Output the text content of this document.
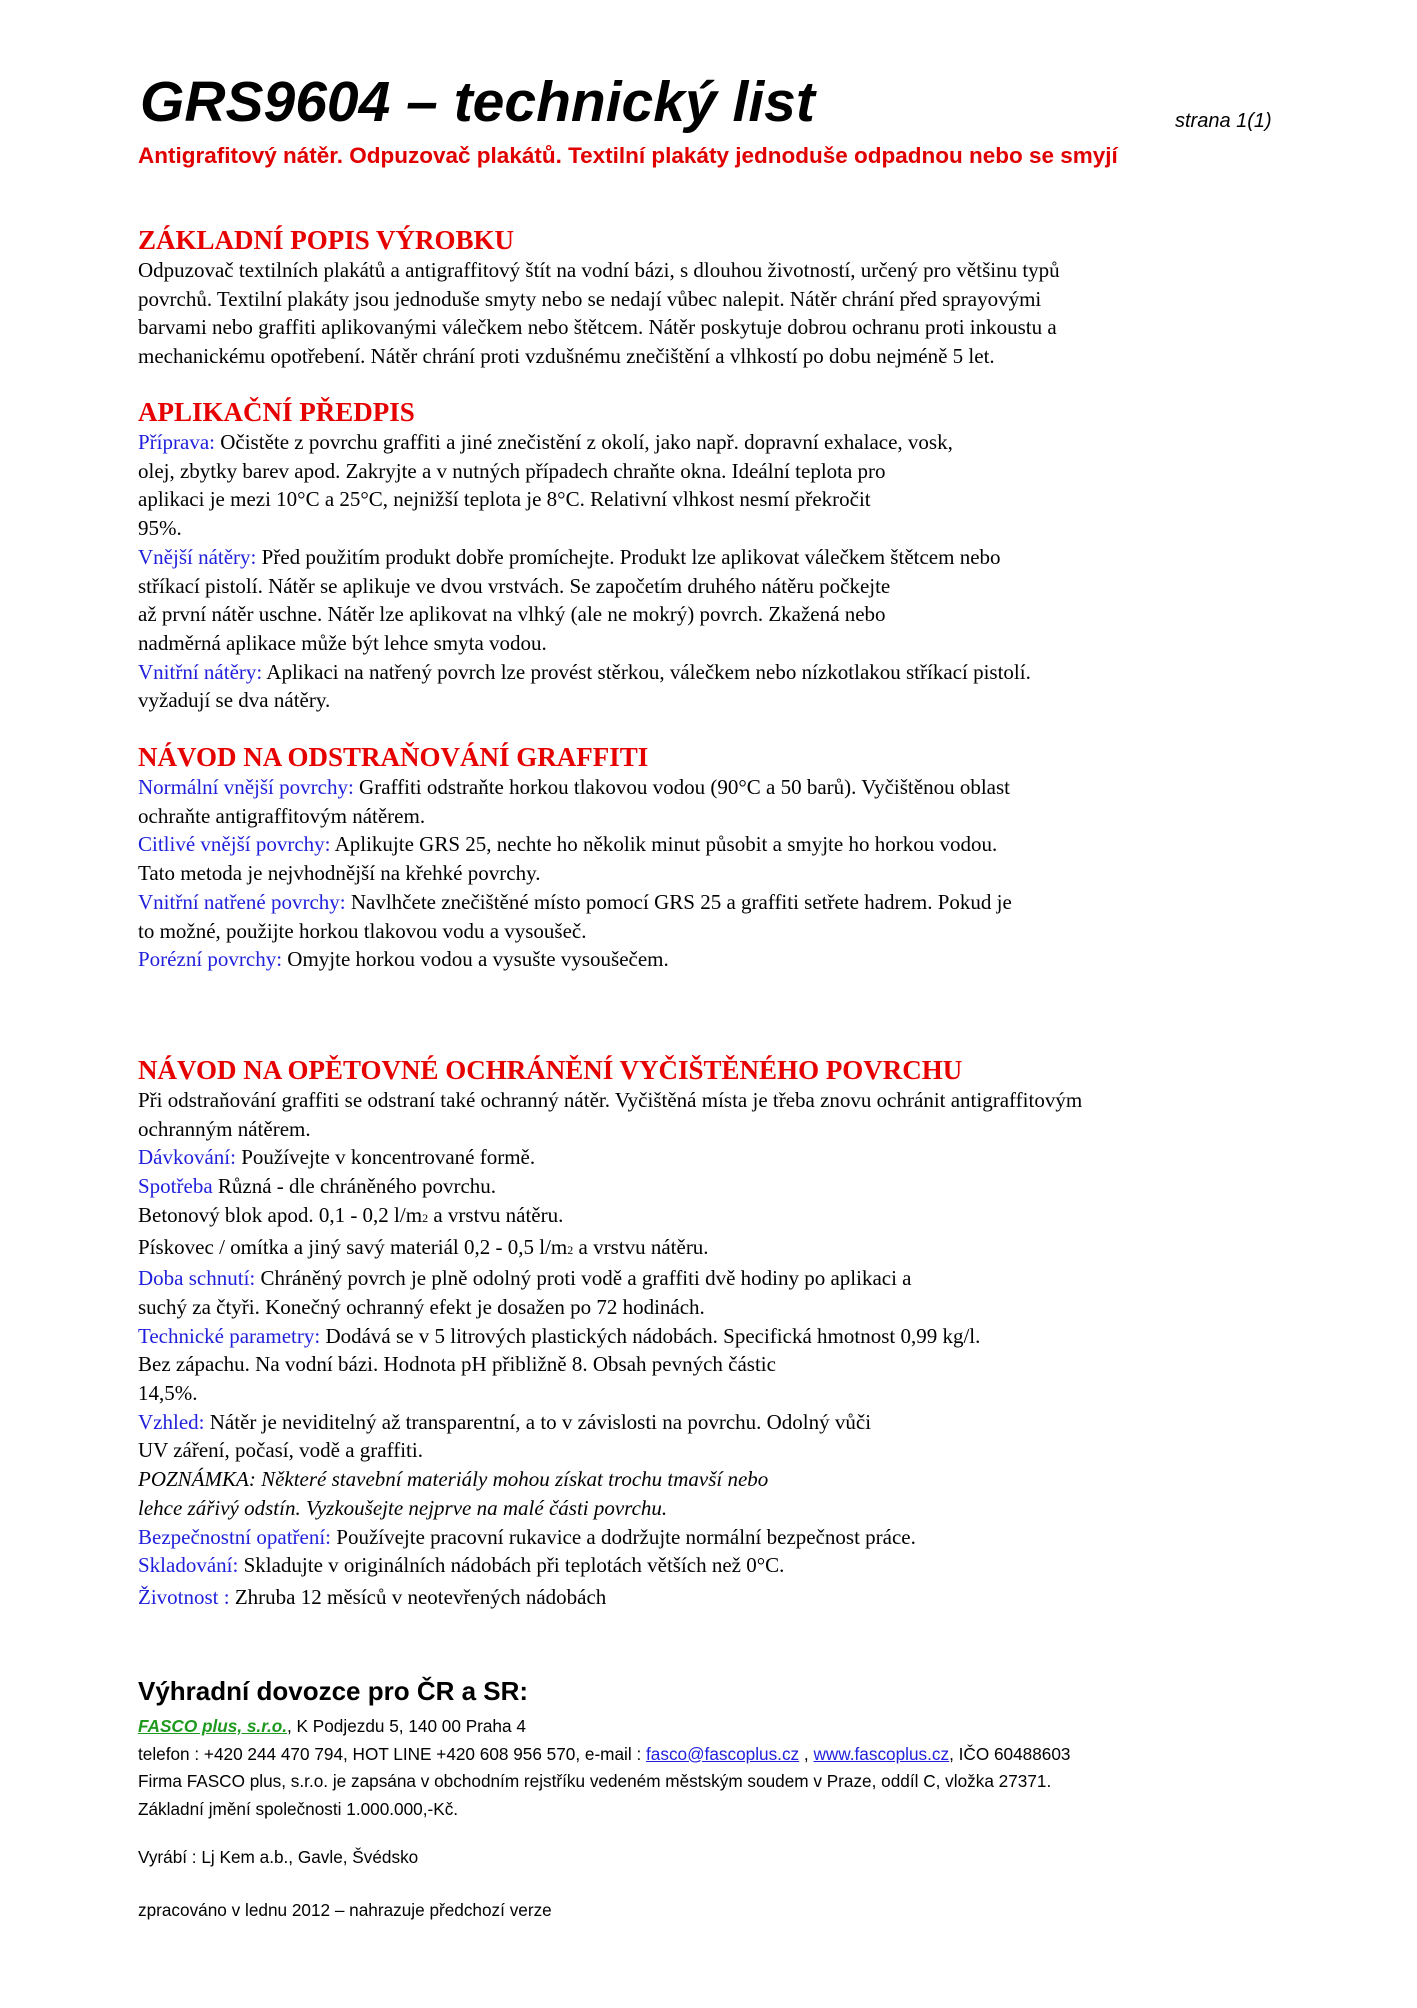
GRS9604 – technický list	strana 1(1)
Antigrafitový nátěr. Odpuzovač plakátů. Textilní plakáty jednoduše odpadnou nebo se smyjí
ZÁKLADNÍ POPIS VÝROBKU
Odpuzovač textilních plakátů a antigraffitový štít na vodní bázi, s dlouhou životností, určený pro většinu typů
povrchů. Textilní plakáty jsou jednoduše smyty nebo se nedají vůbec nalepit. Nátěr chrání před sprayovými
barvami nebo graffiti aplikovanými válečkem nebo štětcem. Nátěr poskytuje dobrou ochranu proti inkoustu a
mechanickému opotřebení. Nátěr chrání proti vzdušnému znečištění a vlhkostí po dobu nejméně 5 let.
APLIKAČNÍ PŘEDPIS
Příprava: Očistěte z povrchu graffiti a jiné znečistění z okolí, jako např. dopravní exhalace, vosk,
olej, zbytky barev apod. Zakryjte a v nutných případech chraňte okna. Ideální teplota pro
aplikaci je mezi 10°C a 25°C, nejnižší teplota je 8°C. Relativní vlhkost nesmí překročit
95%.
Vnější nátěry: Před použitím produkt dobře promíchejte. Produkt lze aplikovat válečkem štětcem nebo
stříkací pistolí. Nátěr se aplikuje ve dvou vrstvách. Se započetím druhého nátěru počkejte
až první nátěr uschne. Nátěr lze aplikovat na vlhký (ale ne mokrý) povrch. Zkažená nebo
nadměrná aplikace může být lehce smyta vodou.
Vnitřní nátěry: Aplikaci na natřený povrch lze provést stěrkou, válečkem nebo nízkotlakou stříkací pistolí.
vyžadují se dva nátěry.
NÁVOD NA ODSTRAŇOVÁNÍ GRAFFITI
Normální vnější povrchy: Graffiti odstraňte horkou tlakovou vodou (90°C a 50 barů). Vyčištěnou oblast
ochraňte antigraffitovým nátěrem.
Citlivé vnější povrchy: Aplikujte GRS 25, nechte ho několik minut působit a smyjte ho horkou vodou.
Tato metoda je nejvhodnější na křehké povrchy.
Vnitřní natřené povrchy: Navlhčete znečištěné místo pomocí GRS 25 a graffiti setřete hadrem. Pokud je
to možné, použijte horkou tlakovou vodu a vysoušeč.
Porézní povrchy: Omyjte horkou vodou a vysušte vysoušečem.
NÁVOD NA OPĚTOVNÉ OCHRÁNĚNÍ VYČIŠTĚNÉHO POVRCHU
Při odstraňování graffiti se odstraní také ochranný nátěr. Vyčištěná místa je třeba znovu ochránit antigraffitovým
ochranným nátěrem.
Dávkování: Používejte v koncentrované formě.
Spotřeba Různá - dle chráněného povrchu.
Betonový blok apod. 0,1 - 0,2 l/m2 a vrstvu nátěru.
Pískovec / omítka a jiný savý materiál 0,2 - 0,5 l/m2 a vrstvu nátěru.
Doba schnutí: Chráněný povrch je plně odolný proti vodě a graffiti dvě hodiny po aplikaci a
suchý za čtyři. Konečný ochranný efekt je dosažen po 72 hodinách.
Technické parametry: Dodává se v 5 litrových plastických nádobách. Specifická hmotnost 0,99 kg/l.
Bez zápachu. Na vodní bázi. Hodnota pH přibližně 8. Obsah pevných částic
14,5%.
Vzhled: Nátěr je neviditelný až transparentní, a to v závislosti na povrchu. Odolný vůči
UV záření, počasí, vodě a graffiti.
POZNÁMKA: Některé stavební materiály mohou získat trochu tmavší nebo
lehce zářivý odstín. Vyzkoušejte nejprve na malé části povrchu.
Bezpečnostní opatření: Používejte pracovní rukavice a dodržujte normální bezpečnost práce.
Skladování: Skladujte v originálních nádobách při teplotách větších než 0°C.
Životnost : Zhruba 12 měsíců v neotevřených nádobách
Výhradní dovozce pro ČR a SR:
FASCO plus, s.r.o., K Podjezdu 5, 140 00 Praha 4
telefon : +420 244 470 794, HOT LINE +420 608 956 570, e-mail : fasco@fascoplus.cz , www.fascoplus.cz, IČO 60488603
Firma FASCO plus, s.r.o. je zapsána v obchodním rejstříku vedeném městským soudem v Praze, oddíl C, vložka 27371.
Základní jmění společnosti 1.000.000,-Kč.
Vyrábí : Lj Kem a.b., Gavle, Švédsko
zpracováno v lednu 2012 – nahrazuje předchozí verze
